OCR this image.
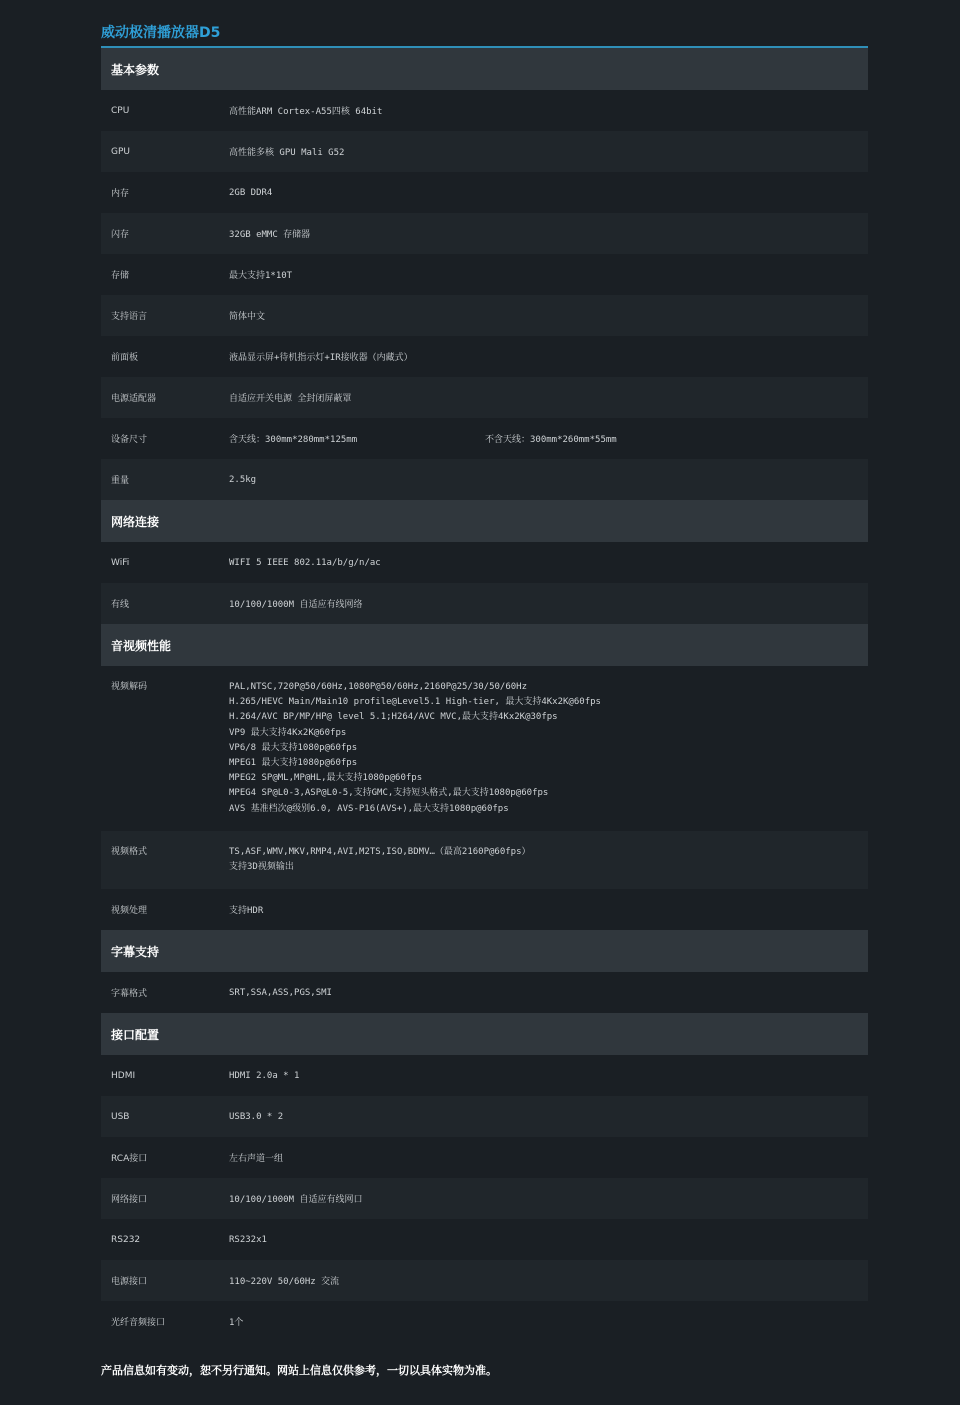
威动极清播放器D5
基本参数
CPU	高性能ARM Cortex-A55四核 64bit
GPU	高性能多核 GPU Mali G52
内存	2GB DDR4
闪存	32GB eMMC 存储器
存储	最大支持1*10T
支持语言	简体中文
前面板	液晶显示屏+待机指示灯+IR接收器（内藏式）
电源适配器	自适应开关电源 全封闭屏蔽罩
设备尺寸	含天线：300mm*280mm*125mm	不含天线：300mm*260mm*55mm
重量	2.5kg
网络连接
WiFi	WIFI 5 IEEE 802.11a/b/g/n/ac
有线	10/100/1000M 自适应有线网络
音视频性能
视频解码	PAL,NTSC,720P@50/60Hz,1080P@50/60Hz,2160P@25/30/50/60Hz
H.265/HEVC Main/Main10 profile@Level5.1 High-tier, 最大支持4Kx2K@60fps
H.264/AVC BP/MP/HP@ level 5.1;H264/AVC MVC,最大支持4Kx2K@30fps
VP9 最大支持4Kx2K@60fps
VP6/8 最大支持1080p@60fps
MPEG1 最大支持1080p@60fps
MPEG2 SP@ML,MP@HL,最大支持1080p@60fps
MPEG4 SP@L0-3,ASP@L0-5,支持GMC,支持短头格式,最大支持1080p@60fps
AVS 基准档次@级别6.0, AVS-P16(AVS+),最大支持1080p@60fps
视频格式	TS,ASF,WMV,MKV,RMP4,AVI,M2TS,ISO,BDMV…（最高2160P@60fps）
支持3D视频输出
视频处理	支持HDR
字幕支持
字幕格式	SRT,SSA,ASS,PGS,SMI
接口配置
HDMI	HDMI 2.0a * 1
USB	USB3.0 * 2
RCA接口	左右声道一组
网络接口	10/100/1000M 自适应有线网口
RS232	RS232x1
电源接口	110~220V 50/60Hz 交流
光纤音频接口	1个
产品信息如有变动，恕不另行通知。网站上信息仅供参考，一切以具体实物为准。
